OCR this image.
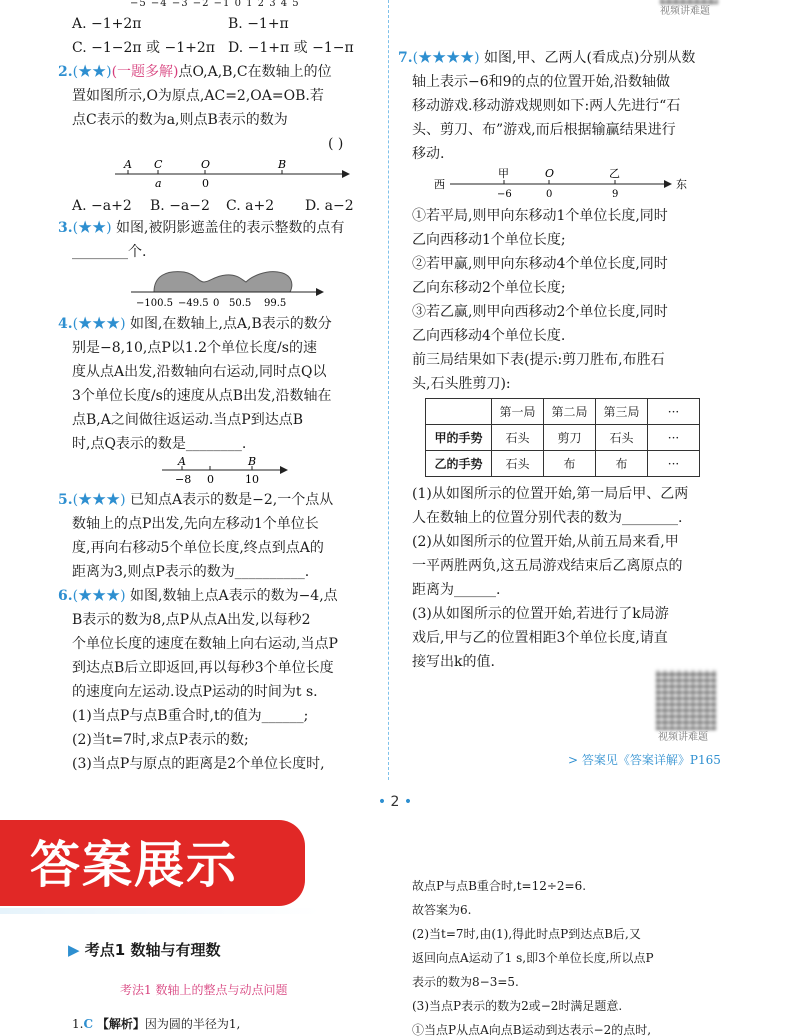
−5 −4 −3 −2 −1 0 1 2 3 4 5
A. −1+2π	B. −1+π
C. −1−2π 或 −1+2π D. −1+π 或 −1−π
2.(★★)(一题多解)点O,A,B,C在数轴上的位
置如图所示,O为原点,AC=2,OA=OB.若
点C表示的数为a,则点B表示的数为
( )
A C	O	B
a	0
A. −a+2 B. −a−2 C. a+2 D. a−2
3.(★★) 如图,被阴影遮盖住的表示整数的点有
________个.
−100.5 −49.5 0 50.5 99.5
4.(★★★) 如图,在数轴上,点A,B表示的数分
别是−8,10,点P以1.2个单位长度/s的速
度从点A出发,沿数轴向右运动,同时点Q以
3个单位长度/s的速度从点B出发,沿数轴在
点B,A之间做往返运动.当点P到达点B
时,点Q表示的数是________.
A	B
−8 0	10
5.(★★★) 已知点A表示的数是−2,一个点从
数轴上的点P出发,先向左移动1个单位长
度,再向右移动5个单位长度,终点到点A的
距离为3,则点P表示的数为__________.
6.(★★★) 如图,数轴上点A表示的数为−4,点
B表示的数为8,点P从点A出发,以每秒2
个单位长度的速度在数轴上向右运动,当点P
到达点B后立即返回,再以每秒3个单位长度
的速度向左运动.设点P运动的时间为t s.
(1)当点P与点B重合时,t的值为______;
(2)当t=7时,求点P表示的数;
(3)当点P与原点的距离是2个单位长度时,
视频讲难题
7.(★★★★) 如图,甲、乙两人(看成点)分别从数
轴上表示−6和9的点的位置开始,沿数轴做
移动游戏.移动游戏规则如下:两人先进行“石
头、剪刀、布”游戏,而后根据输赢结果进行
移动.
西	东
甲	O	乙
−6	0	9
①若平局,则甲向东移动1个单位长度,同时
乙向西移动1个单位长度;
②若甲赢,则甲向东移动4个单位长度,同时
乙向东移动2个单位长度;
③若乙赢,则甲向西移动2个单位长度,同时
乙向西移动4个单位长度.
前三局结果如下表(提示:剪刀胜布,布胜石
头,石头胜剪刀):
	第一局	第二局	第三局	···
甲的手势	石头	剪刀	石头	···
乙的手势	石头	布	布	···
(1)从如图所示的位置开始,第一局后甲、乙两
人在数轴上的位置分别代表的数为________.
(2)从如图所示的位置开始,从前五局来看,甲
一平两胜两负,这五局游戏结束后乙离原点的
距离为______.
(3)从如图所示的位置开始,若进行了k局游
戏后,甲与乙的位置相距3个单位长度,请直
接写出k的值.
视频讲难题
> 答案见《答案详解》P165
• 2 •
答案展示
▶ 考点1 数轴与有理数
考法1 数轴上的整点与动点问题
1.C 【解析】因为圆的半径为1,
故点P与点B重合时,t=12÷2=6.
故答案为6.
(2)当t=7时,由(1),得此时点P到达点B后,又
返回向点A运动了1 s,即3个单位长度,所以点P
表示的数为8−3=5.
(3)当点P表示的数为2或−2时满足题意.
①当点P从点A向点B运动到达表示−2的点时,
